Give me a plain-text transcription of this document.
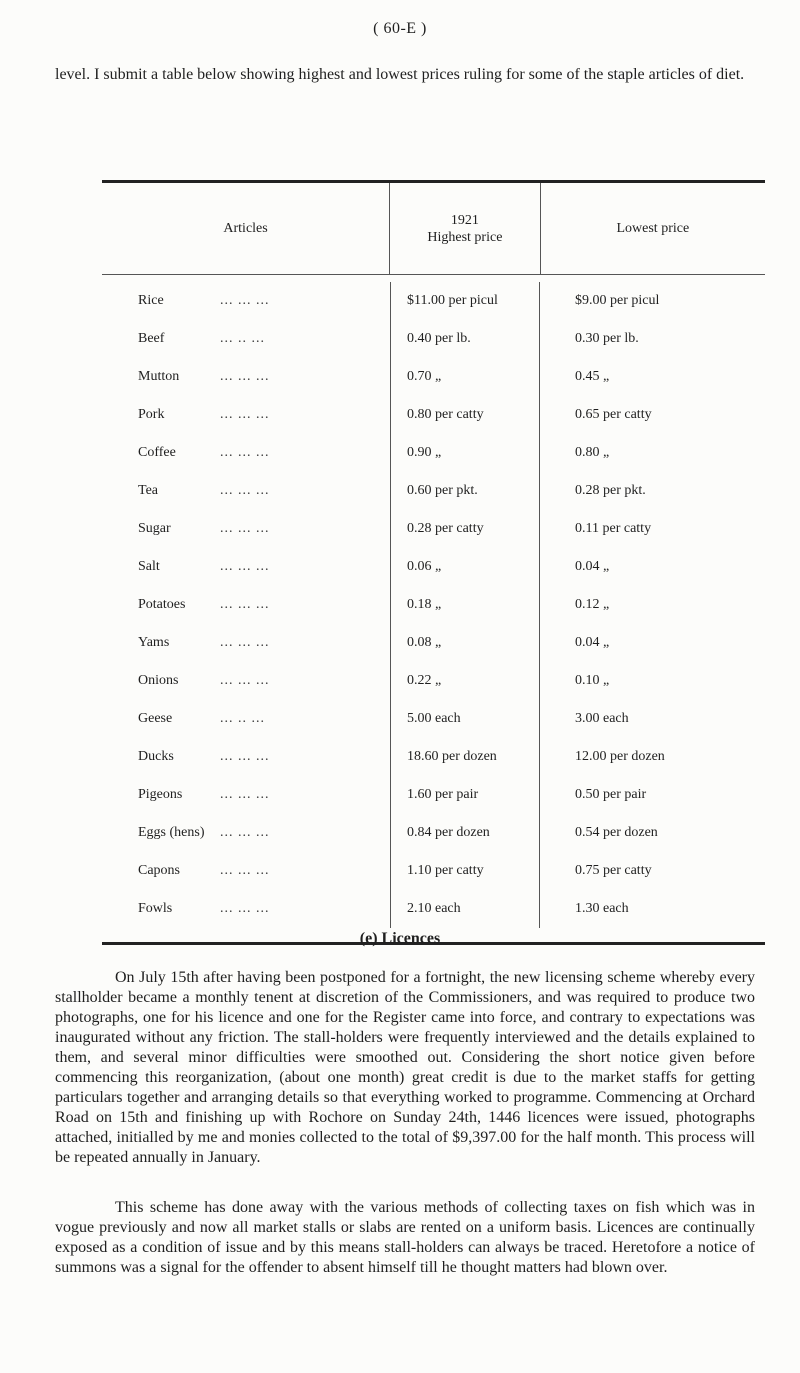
( 60-E )

level. I submit a table below showing highest and lowest prices ruling for some of the staple articles of diet.

Articles
1921
Highest price
Lowest price
Rice	... ... ...	$11.00 per picul	$9.00 per picul
Beef	... .. ...	0.40 per lb.	0.30 per lb.
Mutton	... ... ...	0.70 „	0.45 „
Pork	... ... ...	0.80 per catty	0.65 per catty
Coffee	... ... ...	0.90 „	0.80 „
Tea	... ... ...	0.60 per pkt.	0.28 per pkt.
Sugar	... ... ...	0.28 per catty	0.11 per catty
Salt	... ... ...	0.06 „	0.04 „
Potatoes	... ... ...	0.18 „	0.12 „
Yams	... ... ...	0.08 „	0.04 „
Onions	... ... ...	0.22 „	0.10 „
Geese	... .. ...	5.00 each	3.00 each
Ducks	... ... ...	18.60 per dozen	12.00 per dozen
Pigeons	... ... ...	1.60 per pair	0.50 per pair
Eggs (hens)	... ... ...	0.84 per dozen	0.54 per dozen
Capons	... ... ...	1.10 per catty	0.75 per catty
Fowls	... ... ...	2.10 each	1.30 each
(e) Licences

On July 15th after having been postponed for a fortnight, the new licensing scheme whereby every stallholder became a monthly tenent at discretion of the Commissioners, and was required to produce two photographs, one for his licence and one for the Register came into force, and contrary to expectations was inaugurated without any friction. The stall-holders were frequently interviewed and the details explained to them, and several minor difficulties were smoothed out. Considering the short notice given before commencing this reorganization, (about one month) great credit is due to the market staffs for getting particulars together and arranging details so that everything worked to programme. Commencing at Orchard Road on 15th and finishing up with Rochore on Sunday 24th, 1446 licences were issued, photographs attached, initialled by me and monies collected to the total of $9,397.00 for the half month. This process will be repeated annually in January.

This scheme has done away with the various methods of collecting taxes on fish which was in vogue previously and now all market stalls or slabs are rented on a uniform basis. Licences are continually exposed as a condition of issue and by this means stall-holders can always be traced. Heretofore a notice of summons was a signal for the offender to absent himself till he thought matters had blown over.
